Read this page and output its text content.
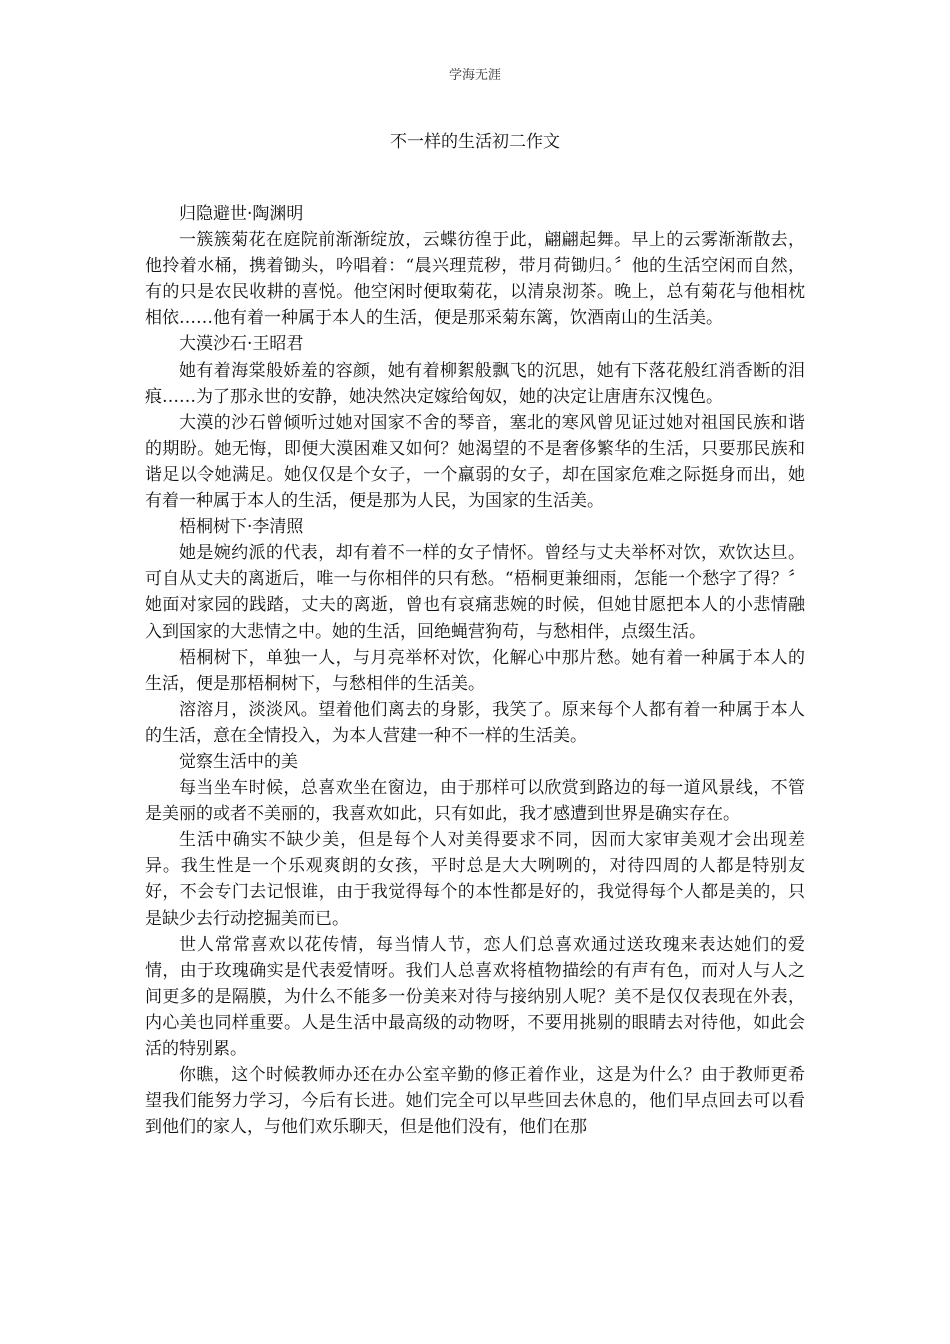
学海无涯
不一样的生活初二作文

归隐避世·陶渊明

一簇簇菊花在庭院前渐渐绽放，云蝶彷徨于此，翩翩起舞。早上的云雾渐渐散去，他拎着水桶，携着锄头，吟唱着：“晨兴理荒秽，带月荷锄归。〞他的生活空闲而自然，有的只是农民收耕的喜悦。他空闲时便取菊花，以清泉沏茶。晚上，总有菊花与他相枕相依……他有着一种属于本人的生活，便是那采菊东篱，饮酒南山的生活美。

大漠沙石·王昭君

她有着海棠般娇羞的容颜，她有着柳絮般飘飞的沉思，她有下落花般红消香断的泪痕……为了那永世的安静，她决然决定嫁给匈奴，她的决定让唐唐东汉愧色。

大漠的沙石曾倾听过她对国家不舍的琴音，塞北的寒风曾见证过她对祖国民族和谐的期盼。她无悔，即便大漠困难又如何？她渴望的不是奢侈繁华的生活，只要那民族和谐足以令她满足。她仅仅是个女子，一个羸弱的女子，却在国家危难之际挺身而出，她有着一种属于本人的生活，便是那为人民，为国家的生活美。

梧桐树下·李清照

她是婉约派的代表，却有着不一样的女子情怀。曾经与丈夫举杯对饮，欢饮达旦。可自从丈夫的离逝后，唯一与你相伴的只有愁。“梧桐更兼细雨，怎能一个愁字了得？〞她面对家园的践踏，丈夫的离逝，曾也有哀痛悲婉的时候，但她甘愿把本人的小悲情融入到国家的大悲情之中。她的生活，回绝蝇营狗苟，与愁相伴，点缀生活。

梧桐树下，单独一人，与月亮举杯对饮，化解心中那片愁。她有着一种属于本人的生活，便是那梧桐树下，与愁相伴的生活美。

溶溶月，淡淡风。望着他们离去的身影，我笑了。原来每个人都有着一种属于本人的生活，意在全情投入，为本人营建一种不一样的生活美。

觉察生活中的美

每当坐车时候，总喜欢坐在窗边，由于那样可以欣赏到路边的每一道风景线，不管是美丽的或者不美丽的，我喜欢如此，只有如此，我才感遭到世界是确实存在。

生活中确实不缺少美，但是每个人对美得要求不同，因而大家审美观才会出现差异。我生性是一个乐观爽朗的女孩，平时总是大大咧咧的，对待四周的人都是特别友好，不会专门去记恨谁，由于我觉得每个的本性都是好的，我觉得每个人都是美的，只是缺少去行动挖掘美而已。

世人常常喜欢以花传情，每当情人节，恋人们总喜欢通过送玫瑰来表达她们的爱情，由于玫瑰确实是代表爱情呀。我们人总喜欢将植物描绘的有声有色，而对人与人之间更多的是隔膜，为什么不能多一份美来对待与接纳别人呢？美不是仅仅表现在外表，内心美也同样重要。人是生活中最高级的动物呀，不要用挑剔的眼睛去对待他，如此会活的特别累。

你瞧，这个时候教师办还在办公室辛勤的修正着作业，这是为什么？由于教师更希望我们能努力学习，今后有长进。她们完全可以早些回去休息的，他们早点回去可以看到他们的家人，与他们欢乐聊天，但是他们没有，他们在那
